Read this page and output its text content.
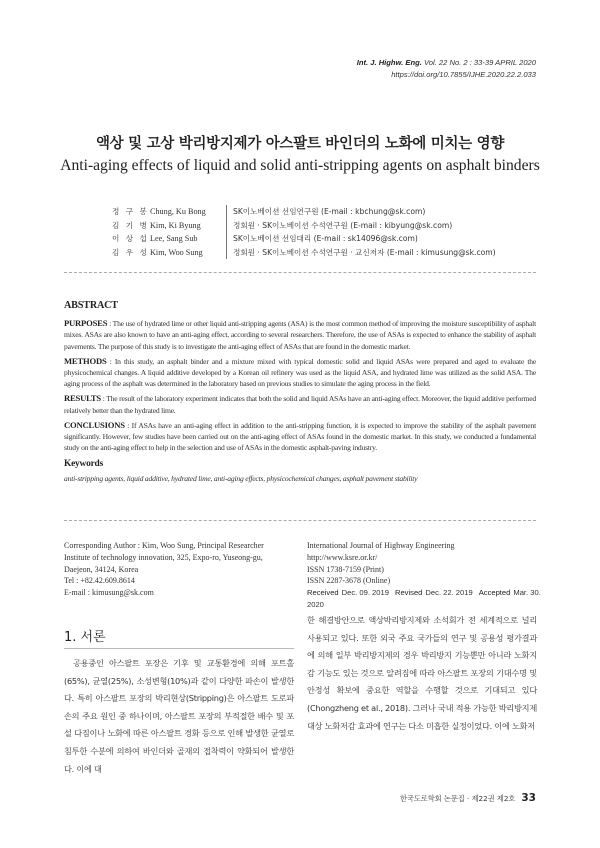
Int. J. Highw. Eng. Vol. 22 No. 2 : 33-39 APRIL 2020
https://doi.org/10.7855/IJHE.2020.22.2.033
액상 및 고상 박리방지제가 아스팔트 바인더의 노화에 미치는 영향
Anti-aging effects of liquid and solid anti-stripping agents on asphalt binders
정 구 봉 Chung, Ku Bong	SK이노베이션 선임연구원 (E-mail : kbchung@sk.com)
김 기 병 Kim, Ki Byung	정회원 · SK이노베이션 수석연구원 (E-mail : kibyung@sk.com)
이 상 섭 Lee, Sang Sub	SK이노베이션 선임대리 (E-mail : sk14096@sk.com)
김 우 성 Kim, Woo Sung	정회원 · SK이노베이션 수석연구원 · 교신저자 (E-mail : kimusung@sk.com)
ABSTRACT

PURPOSES : The use of hydrated lime or other liquid anti-stripping agents (ASA) is the most common method of improving the moisture susceptibility of asphalt mixes. ASAs are also known to have an anti-aging effect, according to several researchers. Therefore, the use of ASAs is expected to enhance the stability of asphalt pavements. The purpose of this study is to investigate the anti-aging effect of ASAs that are found in the domestic market.

METHODS : In this study, an asphalt binder and a mixture mixed with typical domestic solid and liquid ASAs were prepared and aged to evaluate the physicochemical changes. A liquid additive developed by a Korean oil refinery was used as the liquid ASA, and hydrated lime was utilized as the solid ASA. The aging process of the asphalt was determined in the laboratory based on previous studies to simulate the aging process in the field.

RESULTS : The result of the laboratory experiment indicates that both the solid and liquid ASAs have an anti-aging effect. Moreover, the liquid additive performed relatively better than the hydrated lime.

CONCLUSIONS : If ASAs have an anti-aging effect in addition to the anti-stripping function, it is expected to improve the stability of the asphalt pavement significantly. However, few studies have been carried out on the anti-aging effect of ASAs found in the domestic market. In this study, we conducted a fundamental study on the anti-aging effect to help in the selection and use of ASAs in the domestic asphalt-paving industry.

Keywords
anti-stripping agents, liquid additive, hydrated lime, anti-aging effects, physicochemical changes, asphalt pavement stability
Corresponding Author : Kim, Woo Sung, Principal Researcher
Institute of technology innovation, 325, Expo-ro, Yuseong-gu,
Daejeon, 34124, Korea
Tel : +82.42.609.8614
E-mail : kimusung@sk.com
International Journal of Highway Engineering
http://www.ksre.or.kr/
ISSN 1738-7159 (Print)
ISSN 2287-3678 (Online)
Received Dec. 09. 2019 Revised Dec. 22. 2019 Accepted Mar. 30. 2020
1. 서론
공용중인 아스팔트 포장은 기후 및 교통환경에 의해 포트홀(65%), 균열(25%), 소성변형(10%)과 같이 다양한 파손이 발생한다. 특히 아스팔트 포장의 박리현상(Stripping)은 아스팔트 도로파손의 주요 원인 중 하나이며, 아스팔트 포장의 부적절한 배수 및 포설 다짐이나 노화에 따른 아스팔트 경화 등으로 인해 발생한 균열로 침투한 수분에 의하여 바인더와 골재의 접착력이 약화되어 발생한다. 이에 대
한 해결방안으로 액상박리방지제와 소석회가 전 세계적으로 널리 사용되고 있다. 또한 외국 주요 국가들의 연구 및 공용성 평가결과에 의해 일부 박리방지제의 경우 박리방지 기능뿐만 아니라 노화지감 기능도 있는 것으로 알려짐에 따라 아스팔트 포장의 기대수명 및 안정성 확보에 중요한 역할을 수행할 것으로 기대되고 있다(Chongzheng et al., 2018). 그러나 국내 적용 가능한 박리방지제 대상 노화저감 효과에 연구는 다소 미흡한 실정이었다. 이에 노화저
한국도로학회 논문집 · 제22권 제2호 33
